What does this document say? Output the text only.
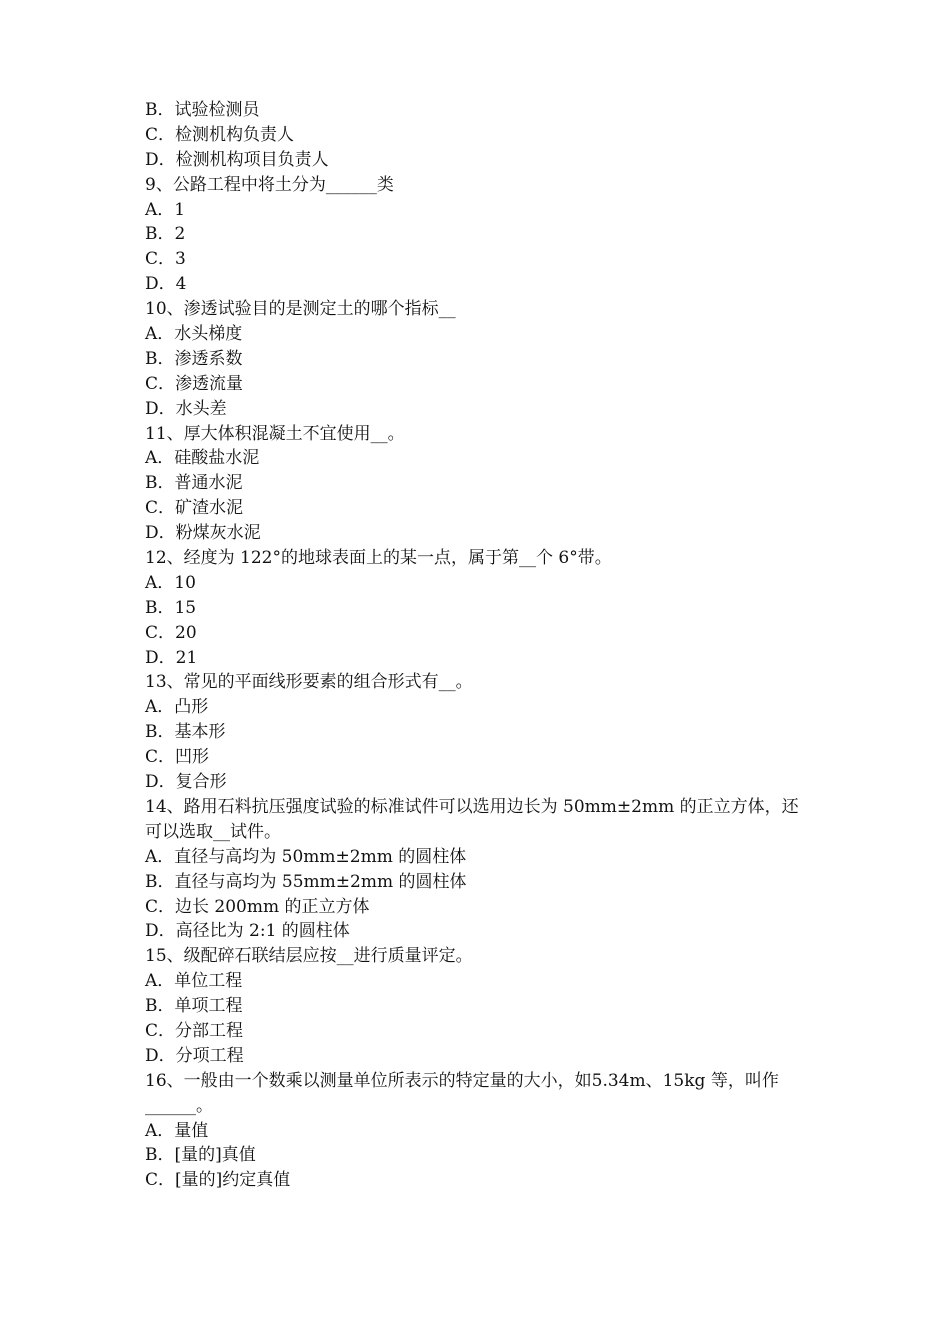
B．试验检测员
C．检测机构负责人
D．检测机构项目负责人
9、公路工程中将土分为______类
A．1
B．2
C．3
D．4
10、渗透试验目的是测定土的哪个指标__
A．水头梯度
B．渗透系数
C．渗透流量
D．水头差
11、厚大体积混凝土不宜使用__。
A．硅酸盐水泥
B．普通水泥
C．矿渣水泥
D．粉煤灰水泥
12、经度为 122°的地球表面上的某一点，属于第__个 6°带。
A．10
B．15
C．20
D．21
13、常见的平面线形要素的组合形式有__。
A．凸形
B．基本形
C．凹形
D．复合形
14、路用石料抗压强度试验的标准试件可以选用边长为 50mm±2mm 的正立方体，还可以选取__试件。
A．直径与高均为 50mm±2mm 的圆柱体
B．直径与高均为 55mm±2mm 的圆柱体
C．边长 200mm 的正立方体
D．高径比为 2:1 的圆柱体
15、级配碎石联结层应按__进行质量评定。
A．单位工程
B．单项工程
C．分部工程
D．分项工程
16、一般由一个数乘以测量单位所表示的特定量的大小，如5.34m、15kg 等，叫作______。
A．量值
B．[量的]真值
C．[量的]约定真值
